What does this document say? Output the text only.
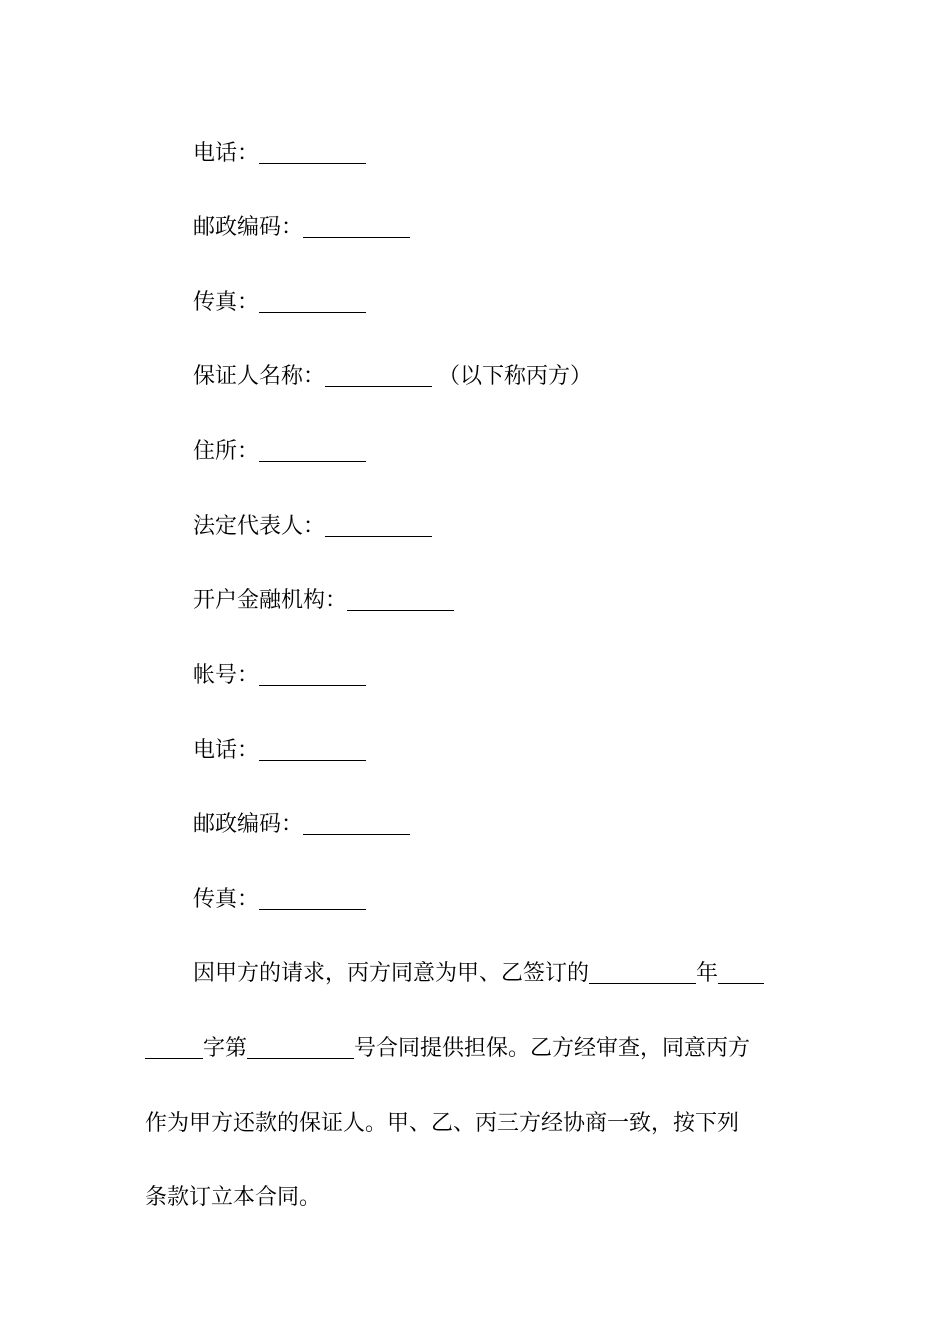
电话：
邮政编码：
传真：
保证人名称：	（以下称丙方）
住所：
法定代表人：
开户金融机构：
帐号：
电话：
邮政编码：
传真：
因甲方的请求，丙方同意为甲、乙签订的	年
字第	号合同提供担保。乙方经审查，同意丙方
作为甲方还款的保证人。甲、乙、丙三方经协商一致，按下列
条款订立本合同。
